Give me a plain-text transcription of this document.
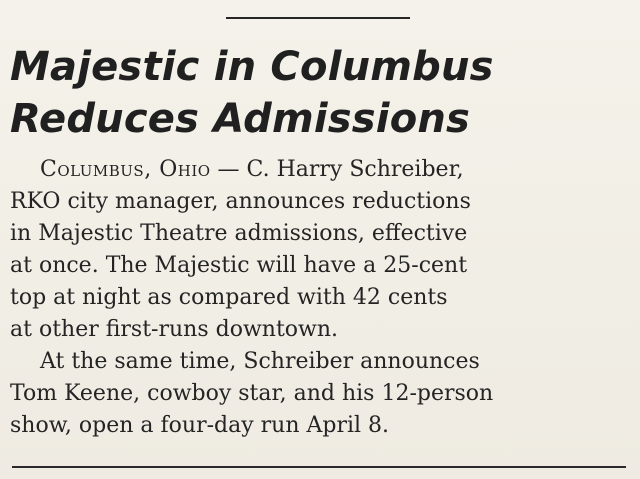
Majestic in Columbus
Reduces Admissions
Columbus, Ohio — C. Harry Schreiber,
RKO city manager, announces reductions
in Majestic Theatre admissions, effective
at once. The Majestic will have a 25-cent
top at night as compared with 42 cents
at other first-runs downtown.
At the same time, Schreiber announces
Tom Keene, cowboy star, and his 12-person
show, open a four-day run April 8.
